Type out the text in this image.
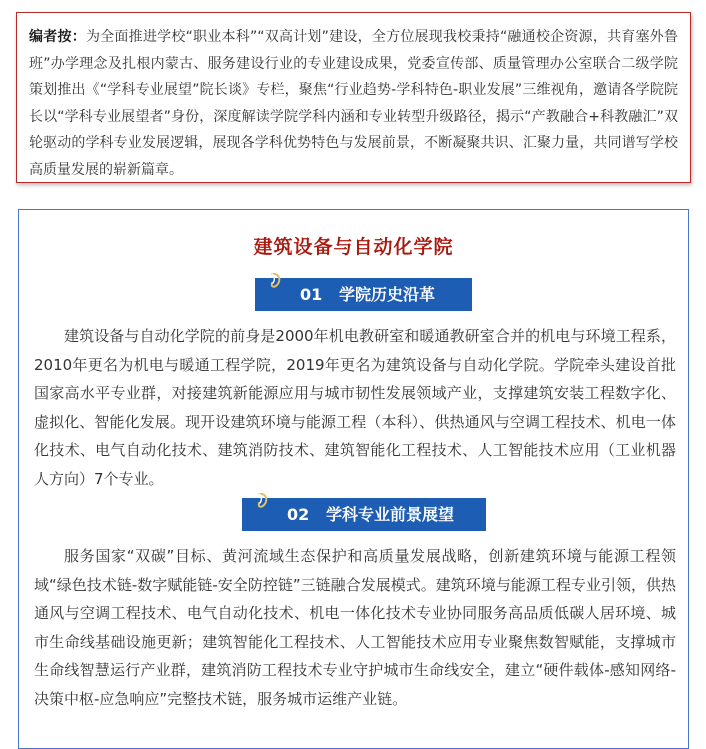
编者按：为全面推进学校“职业本科”“双高计划”建设，全方位展现我校秉持“融通校企资源，共育塞外鲁班”办学理念及扎根内蒙古、服务建设行业的专业建设成果，党委宣传部、质量管理办公室联合二级学院策划推出《“学科专业展望”院长谈》专栏，聚焦“行业趋势-学科特色-职业发展”三维视角，邀请各学院院长以“学科专业展望者”身份，深度解读学院学科内涵和专业转型升级路径，揭示“产教融合+科教融汇”双轮驱动的学科专业发展逻辑，展现各学科优势特色与发展前景，不断凝聚共识、汇聚力量，共同谱写学校高质量发展的崭新篇章。

建筑设备与自动化学院
01 学院历史沿革

建筑设备与自动化学院的前身是2000年机电教研室和暖通教研室合并的机电与环境工程系，2010年更名为机电与暖通工程学院，2019年更名为建筑设备与自动化学院。学院牵头建设首批国家高水平专业群，对接建筑新能源应用与城市韧性发展领域产业，支撑建筑安装工程数字化、虚拟化、智能化发展。现开设建筑环境与能源工程（本科）、供热通风与空调工程技术、机电一体化技术、电气自动化技术、建筑消防技术、建筑智能化工程技术、人工智能技术应用（工业机器人方向）7个专业。

02 学科专业前景展望

服务国家“双碳”目标、黄河流域生态保护和高质量发展战略，创新建筑环境与能源工程领域“绿色技术链-数字赋能链-安全防控链”三链融合发展模式。建筑环境与能源工程专业引领，供热通风与空调工程技术、电气自动化技术、机电一体化技术专业协同服务高品质低碳人居环境、城市生命线基础设施更新；建筑智能化工程技术、人工智能技术应用专业聚焦数智赋能，支撑城市生命线智慧运行产业群，建筑消防工程技术专业守护城市生命线安全，建立“硬件载体-感知网络-决策中枢-应急响应”完整技术链，服务城市运维产业链。
